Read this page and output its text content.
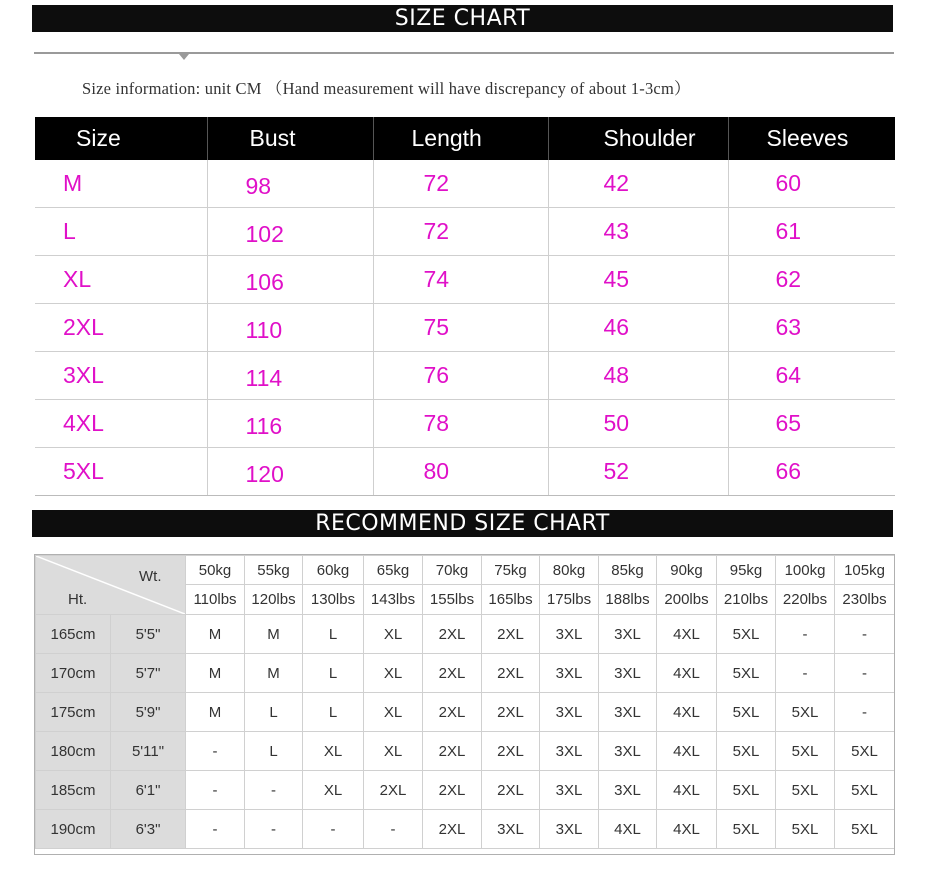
SIZE CHART
Size information: unit CM （Hand measurement will have discrepancy of about 1-3cm）
Size	Bust	Length	Shoulder	Sleeves
M	98	72	42	60
L	102	72	43	61
XL	106	74	45	62
2XL	110	75	46	63
3XL	114	76	48	64
4XL	116	78	50	65
5XL	120	80	52	66
RECOMMEND SIZE CHART
Wt.
Ht.		50kg	55kg	60kg	65kg	70kg	75kg	80kg	85kg	90kg	95kg	100kg	105kg
		110lbs	120lbs	130lbs	143lbs	155lbs	165lbs	175lbs	188lbs	200lbs	210lbs	220lbs	230lbs
165cm	5'5"	M	M	L	XL	2XL	2XL	3XL	3XL	4XL	5XL	-	-
170cm	5'7"	M	M	L	XL	2XL	2XL	3XL	3XL	4XL	5XL	-	-
175cm	5'9"	M	L	L	XL	2XL	2XL	3XL	3XL	4XL	5XL	5XL	-
180cm	5'11"	-	L	XL	XL	2XL	2XL	3XL	3XL	4XL	5XL	5XL	5XL
185cm	6'1"	-	-	XL	2XL	2XL	2XL	3XL	3XL	4XL	5XL	5XL	5XL
190cm	6'3"	-	-	-	-	2XL	3XL	3XL	4XL	4XL	5XL	5XL	5XL
